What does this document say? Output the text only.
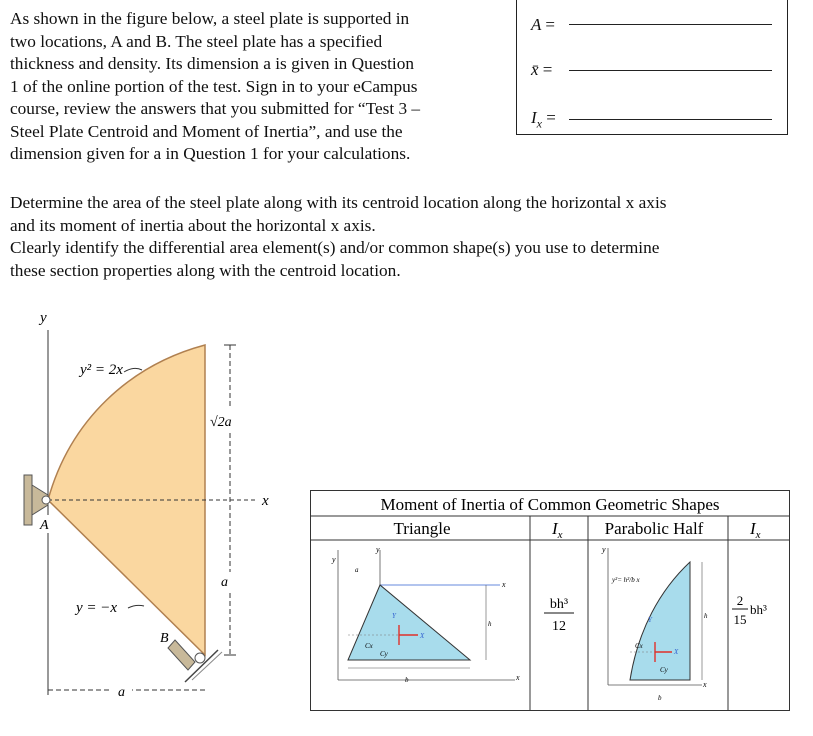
As shown in the figure below, a steel plate is supported in
two locations, A and B. The steel plate has a specified
thickness and density. Its dimension a is given in Question
1 of the online portion of the test. Sign in to your eCampus
course, review the answers that you submitted for “Test 3 –
Steel Plate Centroid and Moment of Inertia”, and use the
dimension given for a in Question 1 for your calculations.
A =
x̄ =
$I_x$ =
Determine the area of the steel plate along with its centroid location along the horizontal x axis
and its moment of inertia about the horizontal x axis.
Clearly identify the differential area element(s) and/or common shape(s) you use to determine
these section properties along with the centroid location.
y
x
√2a
a
a
y² = 2x
y = −x
A
B
Moment of Inertia of Common Geometric Shapes
Triangle	$I_x$ Parabolic Half	$I_x$
y
x
y
x
a
b
h
Cx
Cy
Y
X
bh³
12
y
x
y²= h²/b x
h
b
Cx
Cy
Y
X
2
15
bh³
